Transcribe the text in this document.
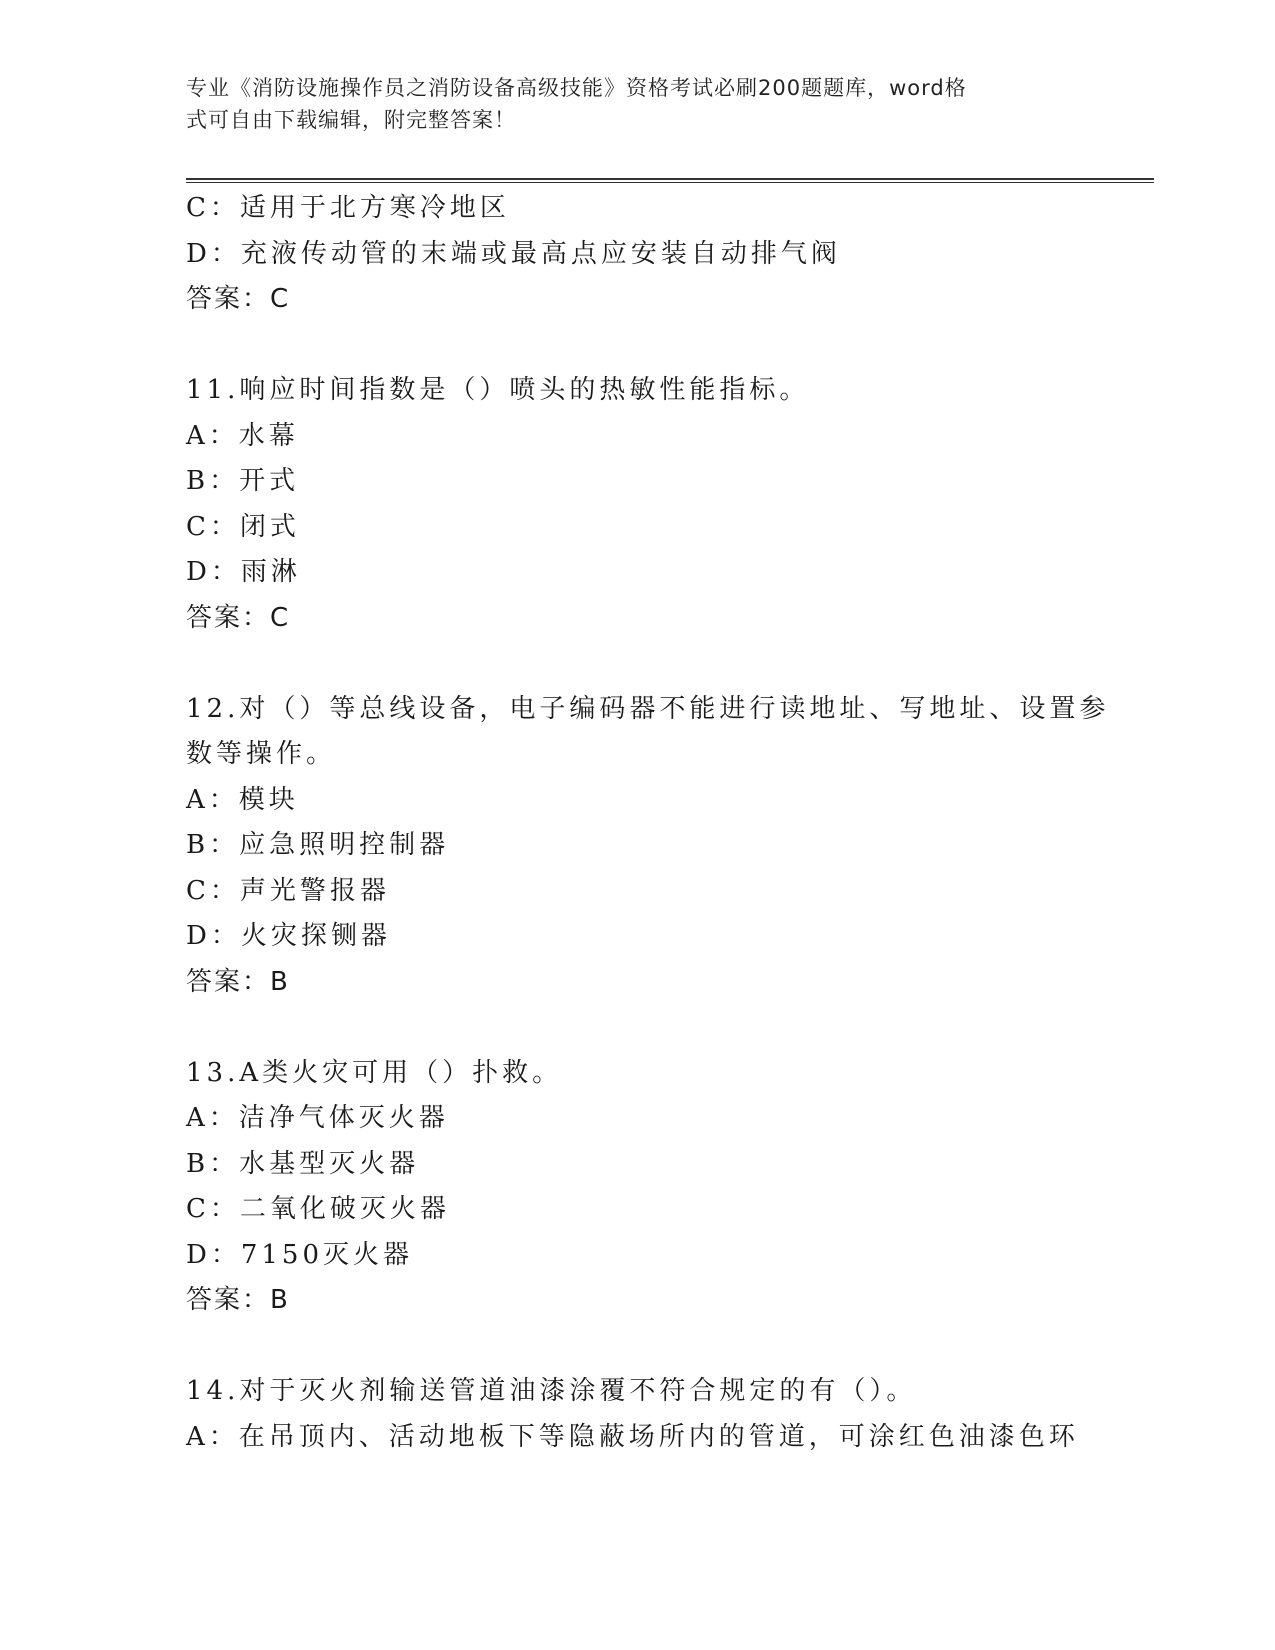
专业《消防设施操作员之消防设备高级技能》资格考试必刷200题题库，word格
式可自由下载编辑，附完整答案！
C：适用于北方寒冷地区
D：充液传动管的末端或最高点应安装自动排气阀
答案：C
11.响应时间指数是（）喷头的热敏性能指标。
A：水幕
B：开式
C：闭式
D：雨淋
答案：C
12.对（）等总线设备，电子编码器不能进行读地址、写地址、设置参
数等操作。
A：模块
B：应急照明控制器
C：声光警报器
D：火灾探铡器
答案：B
13.A类火灾可用（）扑救。
A：洁净气体灭火器
B：水基型灭火器
C：二氧化破灭火器
D：7150灭火器
答案：B
14.对于灭火剂输送管道油漆涂覆不符合规定的有（）。
A：在吊顶内、活动地板下等隐蔽场所内的管道，可涂红色油漆色环
